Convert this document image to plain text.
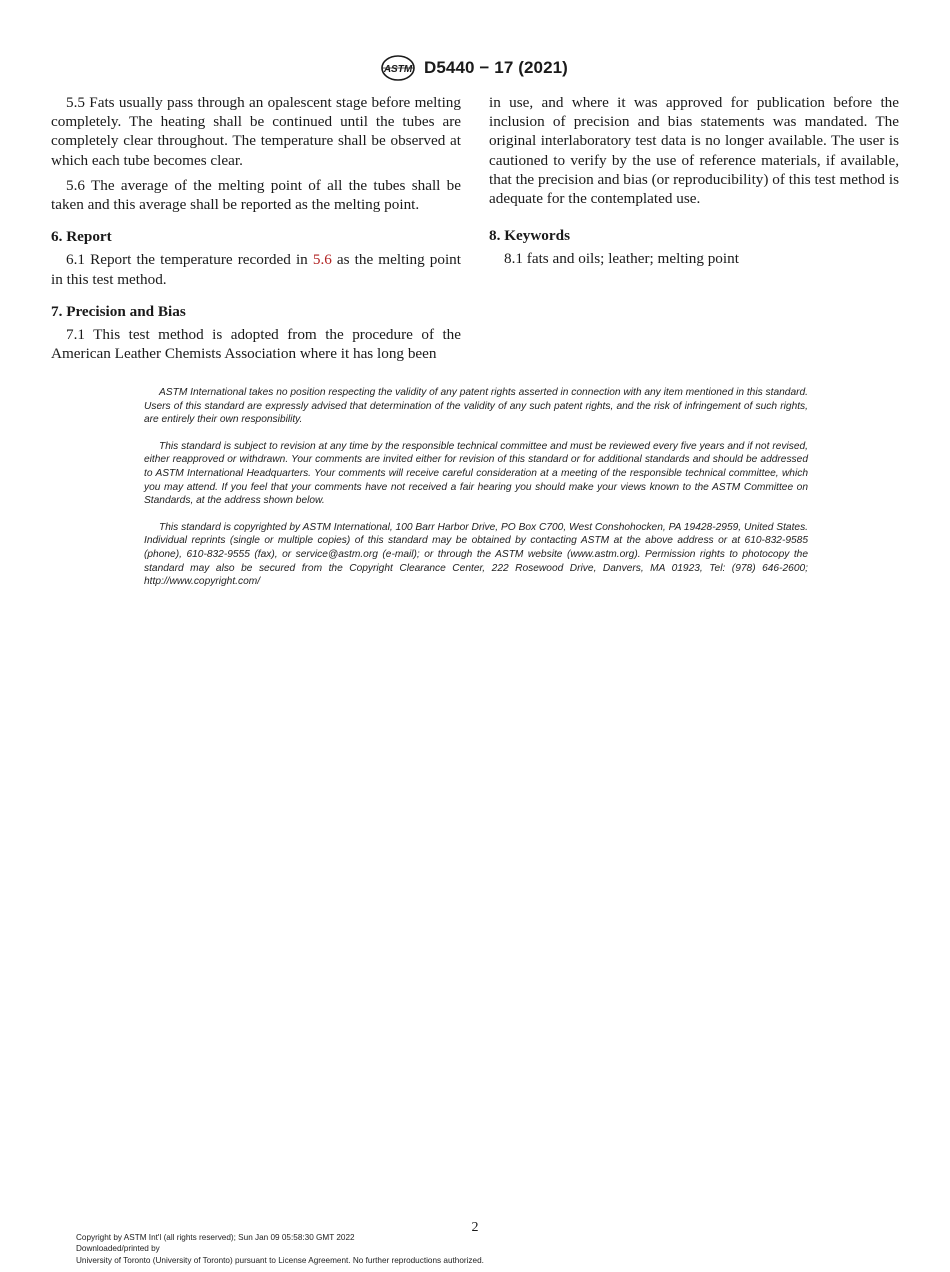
ASTM D5440 − 17 (2021)

5.5 Fats usually pass through an opalescent stage before melting completely. The heating shall be continued until the tubes are completely clear throughout. The temperature shall be observed at which each tube becomes clear.

5.6 The average of the melting point of all the tubes shall be taken and this average shall be reported as the melting point.

6. Report

6.1 Report the temperature recorded in 5.6 as the melting point in this test method.

7. Precision and Bias

7.1 This test method is adopted from the procedure of the American Leather Chemists Association where it has long been

in use, and where it was approved for publication before the inclusion of precision and bias statements was mandated. The original interlaboratory test data is no longer available. The user is cautioned to verify by the use of reference materials, if available, that the precision and bias (or reproducibility) of this test method is adequate for the contemplated use.

8. Keywords

8.1 fats and oils; leather; melting point

ASTM International takes no position respecting the validity of any patent rights asserted in connection with any item mentioned in this standard. Users of this standard are expressly advised that determination of the validity of any such patent rights, and the risk of infringement of such rights, are entirely their own responsibility.

This standard is subject to revision at any time by the responsible technical committee and must be reviewed every five years and if not revised, either reapproved or withdrawn. Your comments are invited either for revision of this standard or for additional standards and should be addressed to ASTM International Headquarters. Your comments will receive careful consideration at a meeting of the responsible technical committee, which you may attend. If you feel that your comments have not received a fair hearing you should make your views known to the ASTM Committee on Standards, at the address shown below.

This standard is copyrighted by ASTM International, 100 Barr Harbor Drive, PO Box C700, West Conshohocken, PA 19428-2959, United States. Individual reprints (single or multiple copies) of this standard may be obtained by contacting ASTM at the above address or at 610-832-9585 (phone), 610-832-9555 (fax), or service@astm.org (e-mail); or through the ASTM website (www.astm.org). Permission rights to photocopy the standard may also be secured from the Copyright Clearance Center, 222 Rosewood Drive, Danvers, MA 01923, Tel: (978) 646-2600; http://www.copyright.com/

2
Copyright by ASTM Int'l (all rights reserved); Sun Jan 09 05:58:30 GMT 2022
Downloaded/printed by
University of Toronto (University of Toronto) pursuant to License Agreement. No further reproductions authorized.
